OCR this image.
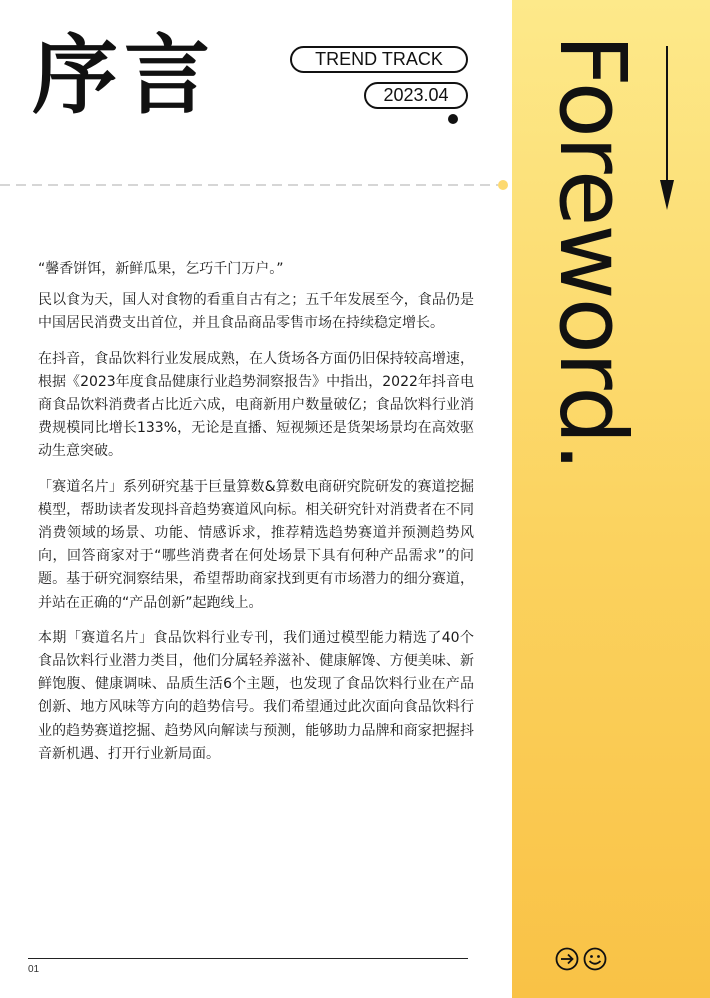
序言	TREND TRACK
2023.04

“馨香饼饵，新鲜瓜果，乞巧千门万户。”

民以食为天，国人对食物的看重自古有之；五千年发展至今，食品仍是中国居民消费支出首位，并且食品商品零售市场在持续稳定增长。

在抖音，食品饮料行业发展成熟，在人货场各方面仍旧保持较高增速，根据《2023年度食品健康行业趋势洞察报告》中指出，2022年抖音电商食品饮料消费者占比近六成，电商新用户数量破亿；食品饮料行业消费规模同比增长133%，无论是直播、短视频还是货架场景均在高效驱动生意突破。

「赛道名片」系列研究基于巨量算数&算数电商研究院研发的赛道挖掘模型，帮助读者发现抖音趋势赛道风向标。相关研究针对消费者在不同消费领域的场景、功能、情感诉求，推荐精选趋势赛道并预测趋势风向，回答商家对于“哪些消费者在何处场景下具有何种产品需求”的问题。基于研究洞察结果，希望帮助商家找到更有市场潜力的细分赛道，并站在正确的“产品创新”起跑线上。

本期「赛道名片」食品饮料行业专刊，我们通过模型能力精选了40个食品饮料行业潜力类目，他们分属轻养滋补、健康解馋、方便美味、新鲜饱腹、健康调味、品质生活6个主题，也发现了食品饮料行业在产品创新、地方风味等方向的趋势信号。我们希望通过此次面向食品饮料行业的趋势赛道挖掘、趋势风向解读与预测，能够助力品牌和商家把握抖音新机遇、打开行业新局面。

01
Foreword.
